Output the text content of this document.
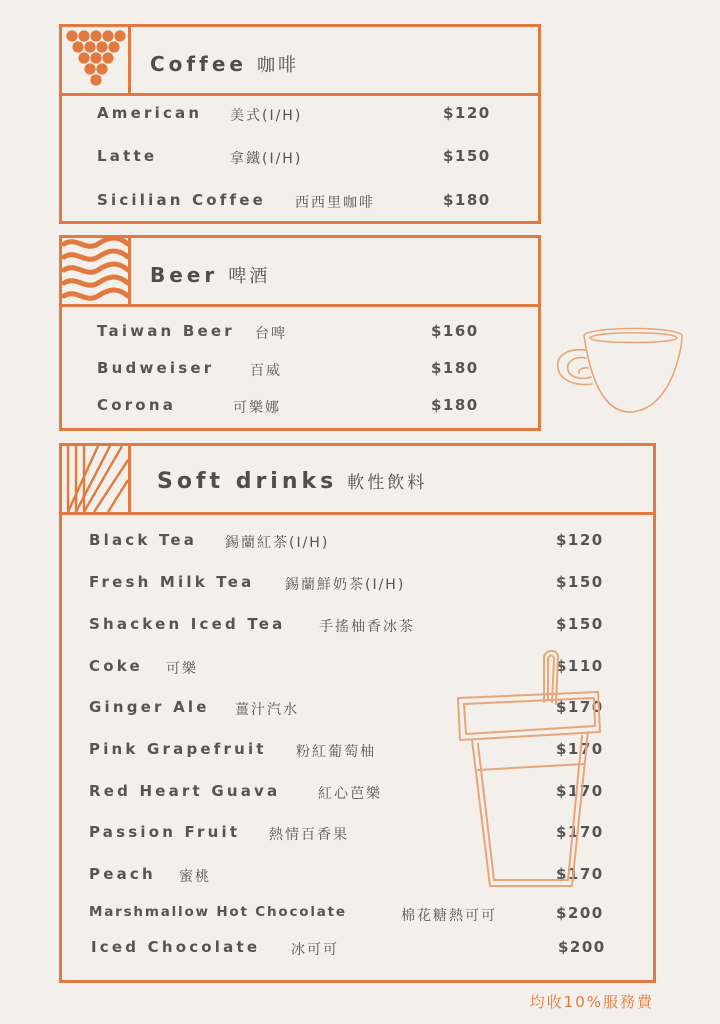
Coffee 咖啡
American 美式(I/H)	$120
Latte	拿鐵(I/H)	$150
Sicilian Coffee 西西里咖啡	$180
Beer 啤酒
Taiwan Beer 台啤	$160
Budweiser	百威	$180
Corona	可樂娜	$180
Soft drinks 軟性飲料
Black Tea 錫蘭紅茶(I/H)	$120
Fresh Milk Tea 錫蘭鮮奶茶(I/H)	$150
Shacken Iced Tea 手搖柚香冰茶	$150
Coke 可樂	$110
Ginger Ale 薑汁汽水	$170
Pink Grapefruit 粉紅葡萄柚	$170
Red Heart Guava	紅心芭樂	$170
Passion Fruit 熱情百香果	$170
Peach 蜜桃	$170
Marshmallow Hot Chocolate	棉花糖熱可可	$200
Iced Chocolate 冰可可	$200
均收10%服務費
